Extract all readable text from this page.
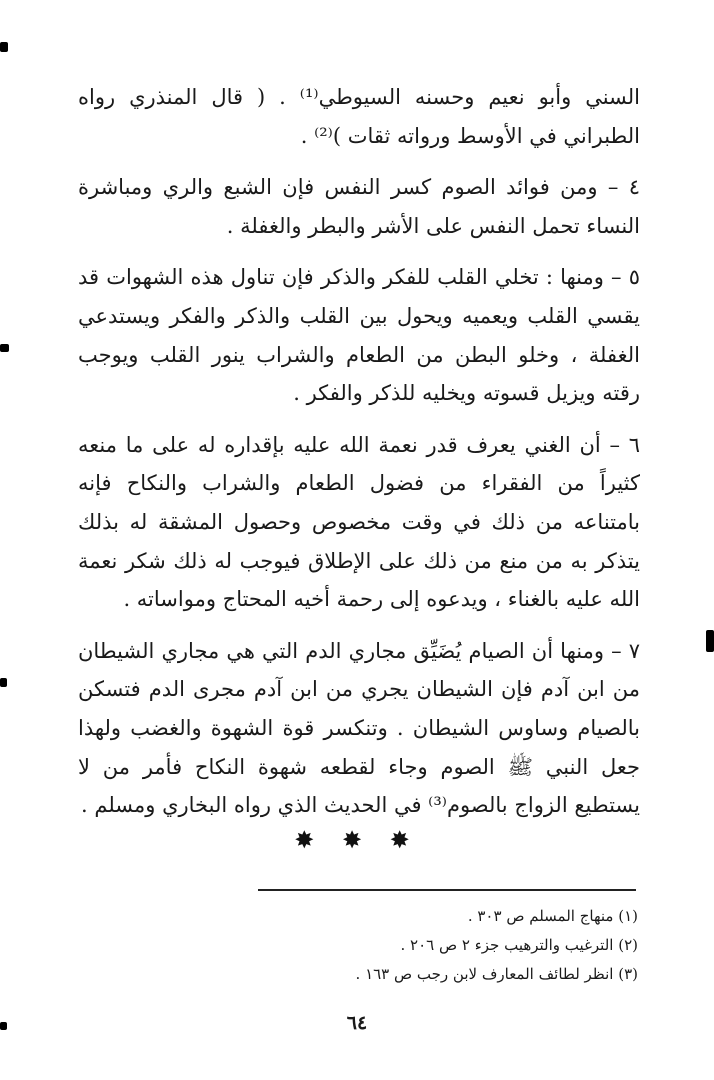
السني وأبو نعيم وحسنه السيوطي⁽¹⁾ . ( قال المنذري رواه الطبراني في الأوسط ورواته ثقات )⁽²⁾ .

٤ – ومن فوائد الصوم كسر النفس فإن الشبع والري ومباشرة النساء تحمل النفس على الأشر والبطر والغفلة .

٥ – ومنها : تخلي القلب للفكر والذكر فإن تناول هذه الشهوات قد يقسي القلب ويعميه ويحول بين القلب والذكر والفكر ويستدعي الغفلة ، وخلو البطن من الطعام والشراب ينور القلب ويوجب رقته ويزيل قسوته ويخليه للذكر والفكر .

٦ – أن الغني يعرف قدر نعمة الله عليه بإقداره له على ما منعه كثيراً من الفقراء من فضول الطعام والشراب والنكاح فإنه بامتناعه من ذلك في وقت مخصوص وحصول المشقة له بذلك يتذكر به من منع من ذلك على الإطلاق فيوجب له ذلك شكر نعمة الله عليه بالغناء ، ويدعوه إلى رحمة أخيه المحتاج ومواساته .

٧ – ومنها أن الصيام يُضَيِّق مجاري الدم التي هي مجاري الشيطان من ابن آدم فإن الشيطان يجري من ابن آدم مجرى الدم فتسكن بالصيام وساوس الشيطان . وتنكسر قوة الشهوة والغضب ولهذا جعل النبي ﷺ الصوم وجاء لقطعه شهوة النكاح فأمر من لا يستطيع الزواج بالصوم⁽³⁾ في الحديث الذي رواه البخاري ومسلم .

✸ ✸ ✸

(١) منهاج المسلم ص ٣٠٣ .

(٢) الترغيب والترهيب جزء ٢ ص ٢٠٦ .

(٣) انظر لطائف المعارف لابن رجب ص ١٦٣ .

٦٤
